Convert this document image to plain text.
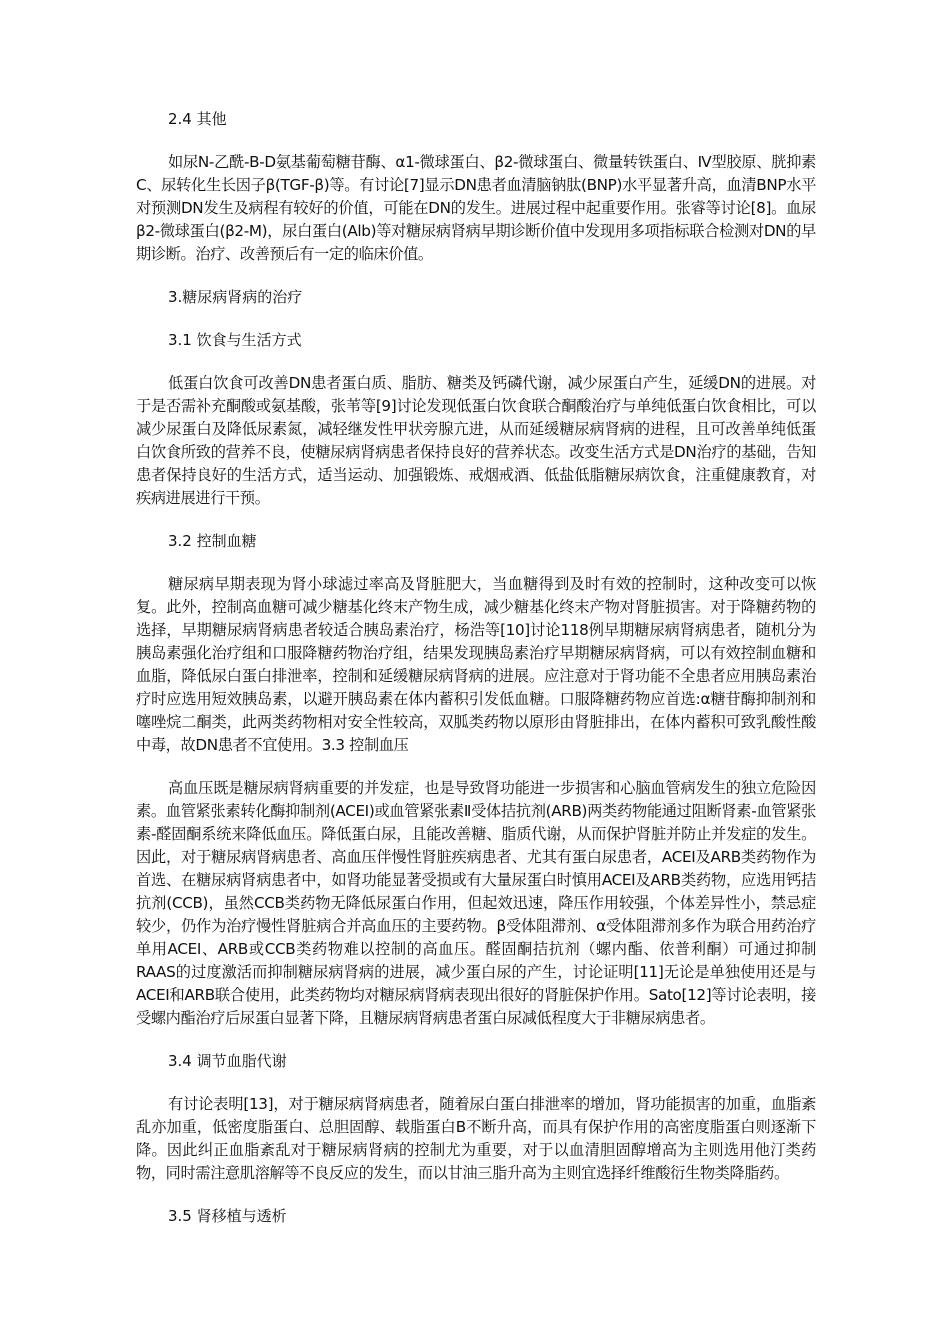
2.4 其他
如尿N-乙酰-B-D氨基葡萄糖苷酶、α1-微球蛋白、β2-微球蛋白、微量转铁蛋白、Ⅳ型胶原、胱抑素C、尿转化生长因子β(TGF-β)等。有讨论[7]显示DN患者血清脑钠肽(BNP)水平显著升高，血清BNP水平对预测DN发生及病程有较好的价值，可能在DN的发生。进展过程中起重要作用。张睿等讨论[8]。血尿β2-微球蛋白(β2-M)，尿白蛋白(Alb)等对糖尿病肾病早期诊断价值中发现用多项指标联合检测对DN的早期诊断。治疗、改善预后有一定的临床价值。
3.糖尿病肾病的治疗
3.1 饮食与生活方式
低蛋白饮食可改善DN患者蛋白质、脂肪、糖类及钙磷代谢，减少尿蛋白产生，延缓DN的进展。对于是否需补充酮酸或氨基酸，张苇等[9]讨论发现低蛋白饮食联合酮酸治疗与单纯低蛋白饮食相比，可以减少尿蛋白及降低尿素氮，减轻继发性甲状旁腺亢进，从而延缓糖尿病肾病的进程，且可改善单纯低蛋白饮食所致的营养不良，使糖尿病肾病患者保持良好的营养状态。改变生活方式是DN治疗的基础，告知患者保持良好的生活方式，适当运动、加强锻炼、戒烟戒酒、低盐低脂糖尿病饮食，注重健康教育，对疾病进展进行干预。
3.2 控制血糖
糖尿病早期表现为肾小球滤过率高及肾脏肥大，当血糖得到及时有效的控制时，这种改变可以恢复。此外，控制高血糖可减少糖基化终末产物生成，减少糖基化终末产物对肾脏损害。对于降糖药物的选择，早期糖尿病肾病患者较适合胰岛素治疗，杨浩等[10]讨论118例早期糖尿病肾病患者，随机分为胰岛素强化治疗组和口服降糖药物治疗组，结果发现胰岛素治疗早期糖尿病肾病，可以有效控制血糖和血脂，降低尿白蛋白排泄率，控制和延缓糖尿病肾病的进展。应注意对于肾功能不全患者应用胰岛素治疗时应选用短效胰岛素，以避开胰岛素在体内蓄积引发低血糖。口服降糖药物应首选:α糖苷酶抑制剂和噻唑烷二酮类，此两类药物相对安全性较高，双胍类药物以原形由肾脏排出，在体内蓄积可致乳酸性酸中毒，故DN患者不宜使用。3.3 控制血压
高血压既是糖尿病肾病重要的并发症，也是导致肾功能进一步损害和心脑血管病发生的独立危险因素。血管紧张素转化酶抑制剂(ACEI)或血管紧张素Ⅱ受体拮抗剂(ARB)两类药物能通过阻断肾素-血管紧张素-醛固酮系统来降低血压。降低蛋白尿，且能改善糖、脂质代谢，从而保护肾脏并防止并发症的发生。因此，对于糖尿病肾病患者、高血压伴慢性肾脏疾病患者、尤其有蛋白尿患者，ACEI及ARB类药物作为首选、在糖尿病肾病患者中，如肾功能显著受损或有大量尿蛋白时慎用ACEI及ARB类药物，应选用钙拮抗剂(CCB)，虽然CCB类药物无降低尿蛋白作用，但起效迅速，降压作用较强，个体差异性小，禁忌症较少，仍作为治疗慢性肾脏病合并高血压的主要药物。β受体阻滞剂、α受体阻滞剂多作为联合用药治疗单用ACEI、ARB或CCB类药物难以控制的高血压。醛固酮拮抗剂（螺内酯、依普利酮）可通过抑制RAAS的过度激活而抑制糖尿病肾病的进展，减少蛋白尿的产生，讨论证明[11]无论是单独使用还是与ACEI和ARB联合使用，此类药物均对糖尿病肾病表现出很好的肾脏保护作用。Sato[12]等讨论表明，接受螺内酯治疗后尿蛋白显著下降，且糖尿病肾病患者蛋白尿减低程度大于非糖尿病患者。
3.4 调节血脂代谢
有讨论表明[13]，对于糖尿病肾病患者，随着尿白蛋白排泄率的增加，肾功能损害的加重，血脂紊乱亦加重，低密度脂蛋白、总胆固醇、载脂蛋白B不断升高，而具有保护作用的高密度脂蛋白则逐渐下降。因此纠正血脂紊乱对于糖尿病肾病的控制尤为重要，对于以血清胆固醇增高为主则选用他汀类药物，同时需注意肌溶解等不良反应的发生，而以甘油三脂升高为主则宜选择纤维酸衍生物类降脂药。
3.5 肾移植与透析
